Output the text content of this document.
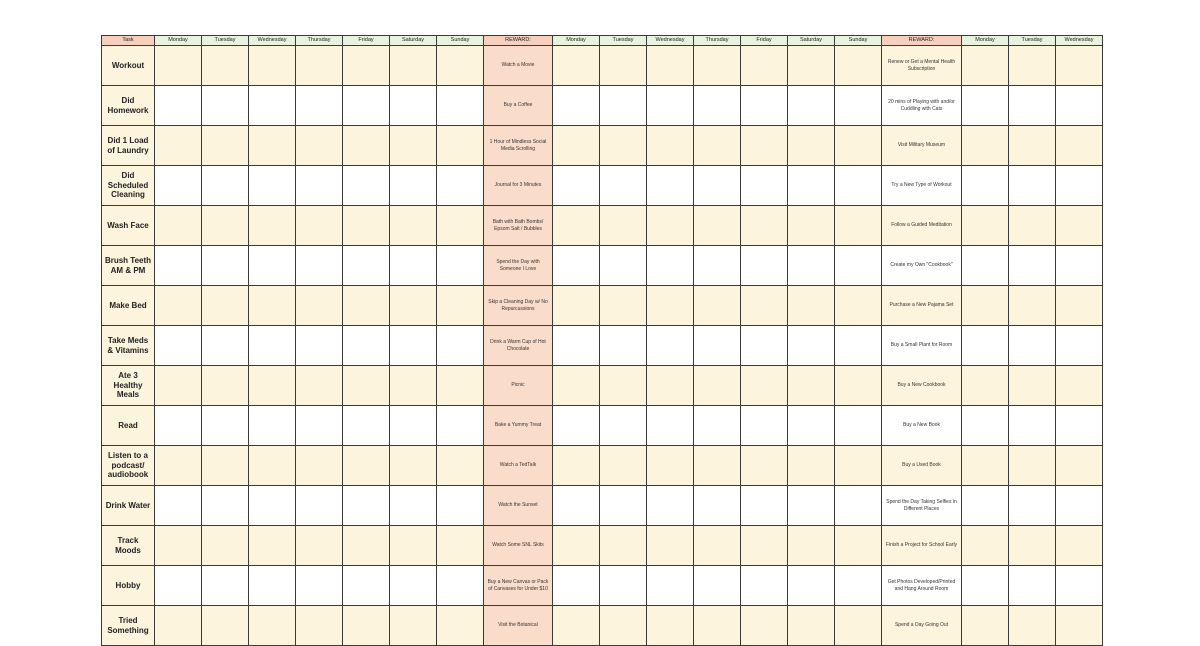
Task	Monday	Tuesday	Wednesday	Thursday	Friday	Saturday	Sunday	REWARD:	Monday	Tuesday	Wednesday	Thursday	Friday	Saturday	Sunday	REWARD:	Monday	Tuesday	Wednesday
Workout								Watch a Movie								Renew or Get a Mental Health Subscription			
Did Homework								Buy a Coffee								20 mins of Playing with and/or Cuddling with Cats			
Did 1 Load of Laundry								1 Hour of Mindless Social Media Scrolling								Visit Military Museum			
Did Scheduled Cleaning								Journal for 3 Minutes								Try a New Type of Workout			
Wash Face								Bath with Bath Bombs/ Epsom Salt / Bubbles								Follow a Guided Meditation			
Brush Teeth AM & PM								Spend the Day with Someone I Love								Create my Own "Cookbook"			
Make Bed								Skip a Cleaning Day w/ No Repurcussions								Purchase a New Pajama Set			
Take Meds & Vitamins								Drink a Warm Cup of Hot Chocolate								Buy a Small Plant for Room			
Ate 3 Healthy Meals								Picnic								Buy a New Cookbook			
Read								Bake a Yummy Treat								Buy a New Book			
Listen to a podcast/ audiobook								Watch a TedTalk								Buy a Used Book			
Drink Water								Watch the Sunset								Spend the Day Taking Selfies in Different Places			
Track Moods								Watch Some SNL Skits								Finish a Project for School Early			
Hobby								Buy a New Canvas or Pack of Canvases for Under $10								Get Photos Developed/Printed and Hang Around Room			
Tried Something								Visit the Botanical								Spend a Day Going Out			
